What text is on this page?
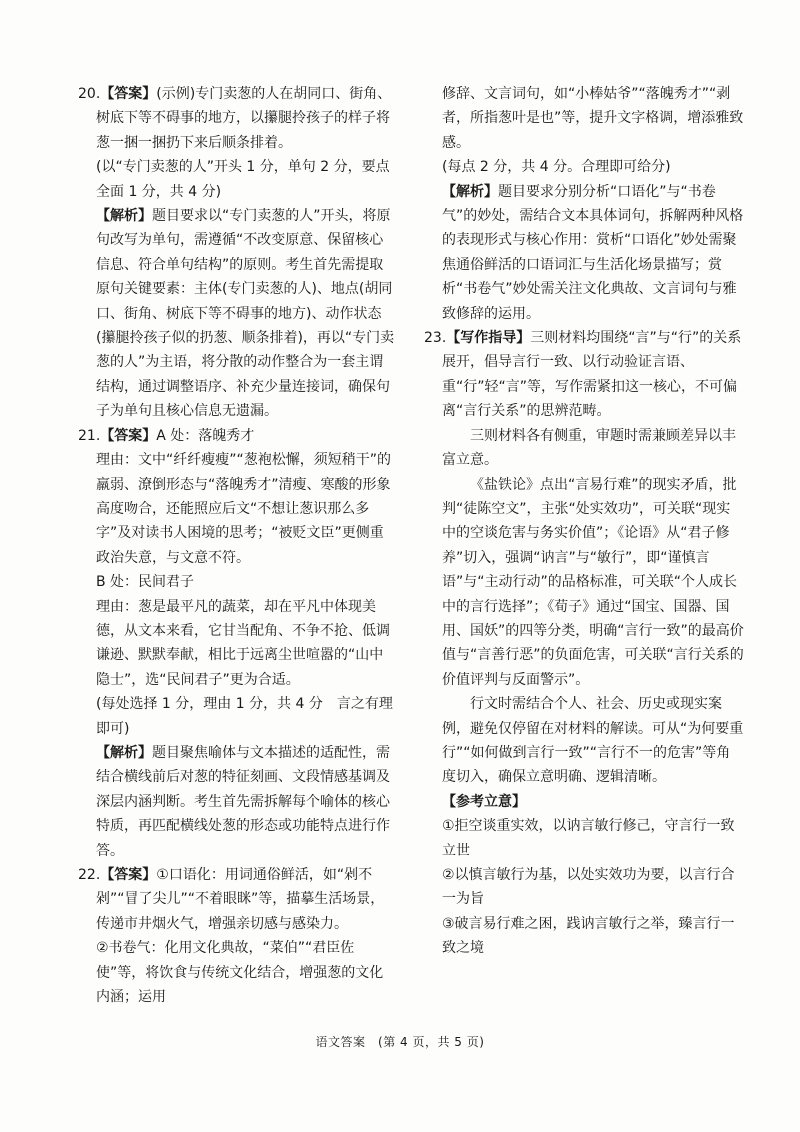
20.【答案】(示例)专门卖葱的人在胡同口、街角、树底下等不碍事的地方，以攥腿拎孩子的样子将葱一捆一捆扔下来后顺条排着。

(以“专门卖葱的人”开头 1 分，单句 2 分，要点全面 1 分，共 4 分)

【解析】题目要求以“专门卖葱的人”开头，将原句改写为单句，需遵循“不改变原意、保留核心信息、符合单句结构”的原则。考生首先需提取原句关键要素：主体(专门卖葱的人)、地点(胡同口、街角、树底下等不碍事的地方)、动作状态(攥腿拎孩子似的扔葱、顺条排着)，再以“专门卖葱的人”为主语，将分散的动作整合为一套主谓结构，通过调整语序、补充少量连接词，确保句子为单句且核心信息无遗漏。

21.【答案】A 处：落魄秀才

理由：文中“纤纤瘦瘦”“葱袍松懈，须短稍干”的羸弱、潦倒形态与“落魄秀才”清瘦、寒酸的形象高度吻合，还能照应后文“不想让葱识那么多字”及对读书人困境的思考；“被贬文臣”更侧重政治失意，与文意不符。

B 处：民间君子

理由：葱是最平凡的蔬菜，却在平凡中体现美德，从文本来看，它甘当配角、不争不抢、低调谦逊、默默奉献，相比于远离尘世喧嚣的“山中隐士”，选“民间君子”更为合适。

(每处选择 1 分，理由 1 分，共 4 分　言之有理即可)

【解析】题目聚焦喻体与文本描述的适配性，需结合横线前后对葱的特征刻画、文段情感基调及深层内涵判断。考生首先需拆解每个喻体的核心特质，再匹配横线处葱的形态或功能特点进行作答。

22.【答案】①口语化：用词通俗鲜活，如“剁不剁”“冒了尖儿”“不着眼眯”等，描摹生活场景，传递市井烟火气，增强亲切感与感染力。

②书卷气：化用文化典故，“菜伯”“君臣佐使”等，将饮食与传统文化结合，增强葱的文化内涵；运用

修辞、文言词句，如“小棒姑爷”“落魄秀才”“剥者，所指葱叶是也”等，提升文字格调，增添雅致感。

(每点 2 分，共 4 分。合理即可给分)

【解析】题目要求分别分析“口语化”与“书卷气”的妙处，需结合文本具体词句，拆解两种风格的表现形式与核心作用：赏析“口语化”妙处需聚焦通俗鲜活的口语词汇与生活化场景描写；赏析“书卷气”妙处需关注文化典故、文言词句与雅致修辞的运用。

23.【写作指导】三则材料均围绕“言”与“行”的关系展开，倡导言行一致、以行动验证言语、重“行”轻“言”等，写作需紧扣这一核心，不可偏离“言行关系”的思辨范畴。

三则材料各有侧重，审题时需兼顾差异以丰富立意。

《盐铁论》点出“言易行难”的现实矛盾，批判“徒陈空文”，主张“处实效功”，可关联“现实中的空谈危害与务实价值”；《论语》从“君子修养”切入，强调“讷言”与“敏行”，即“谨慎言语”与“主动行动”的品格标准，可关联“个人成长中的言行选择”；《荀子》通过“国宝、国器、国用、国妖”的四等分类，明确“言行一致”的最高价值与“言善行恶”的负面危害，可关联“言行关系的价值评判与反面警示”。

行文时需结合个人、社会、历史或现实案例，避免仅停留在对材料的解读。可从“为何要重行”“如何做到言行一致”“言行不一的危害”等角度切入，确保立意明确、逻辑清晰。

【参考立意】

①拒空谈重实效，以讷言敏行修己，守言行一致立世

②以慎言敏行为基，以处实效功为要，以言行合一为旨

③破言易行难之困，践讷言敏行之举，臻言行一致之境

语文答案　(第 4 页，共 5 页)
